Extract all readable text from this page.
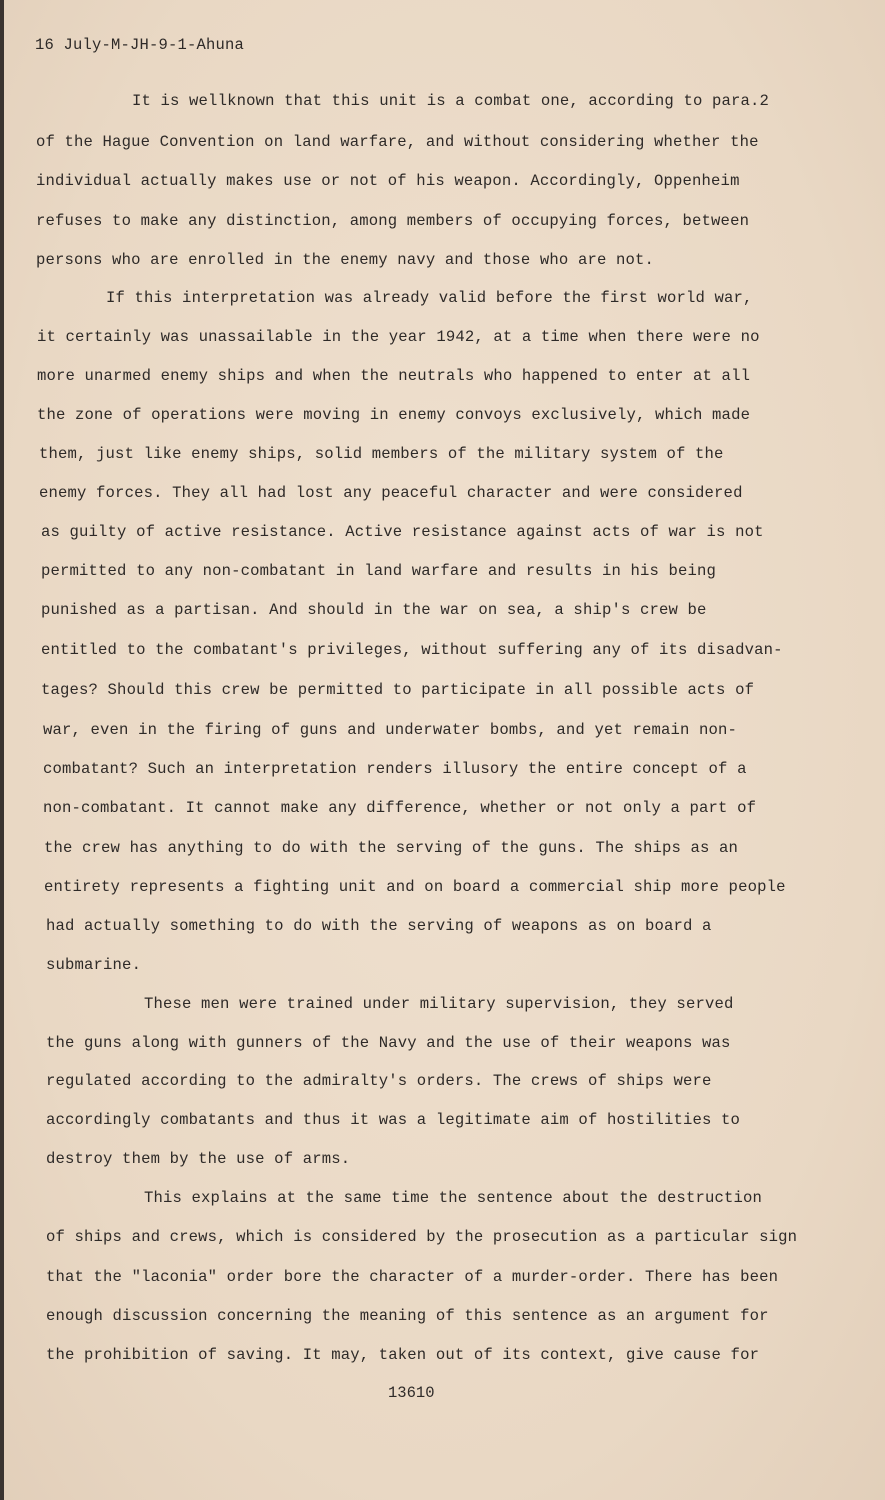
16 July-M-JH-9-1-Ahuna
It is wellknown that this unit is a combat one, according to para.2
of the Hague Convention on land warfare, and without considering whether the
individual actually makes use or not of his weapon. Accordingly, Oppenheim
refuses to make any distinction, among members of occupying forces, between
persons who are enrolled in the enemy navy and those who are not.
If this interpretation was already valid before the first world war,
it certainly was unassailable in the year 1942, at a time when there were no
more unarmed enemy ships and when the neutrals who happened to enter at all
the zone of operations were moving in enemy convoys exclusively, which made
them, just like enemy ships, solid members of the military system of the
enemy forces. They all had lost any peaceful character and were considered
as guilty of active resistance. Active resistance against acts of war is not
permitted to any non-combatant in land warfare and results in his being
punished as a partisan. And should in the war on sea, a ship's crew be
entitled to the combatant's privileges, without suffering any of its disadvan-
tages? Should this crew be permitted to participate in all possible acts of
war, even in the firing of guns and underwater bombs, and yet remain non-
combatant? Such an interpretation renders illusory the entire concept of a
non-combatant. It cannot make any difference, whether or not only a part of
the crew has anything to do with the serving of the guns. The ships as an
entirety represents a fighting unit and on board a commercial ship more people
had actually something to do with the serving of weapons as on board a
submarine.
These men were trained under military supervision, they served
the guns along with gunners of the Navy and the use of their weapons was
regulated according to the admiralty's orders. The crews of ships were
accordingly combatants and thus it was a legitimate aim of hostilities to
destroy them by the use of arms.
This explains at the same time the sentence about the destruction
of ships and crews, which is considered by the prosecution as a particular sign
that the "laconia" order bore the character of a murder-order. There has been
enough discussion concerning the meaning of this sentence as an argument for
the prohibition of saving. It may, taken out of its context, give cause for
13610
